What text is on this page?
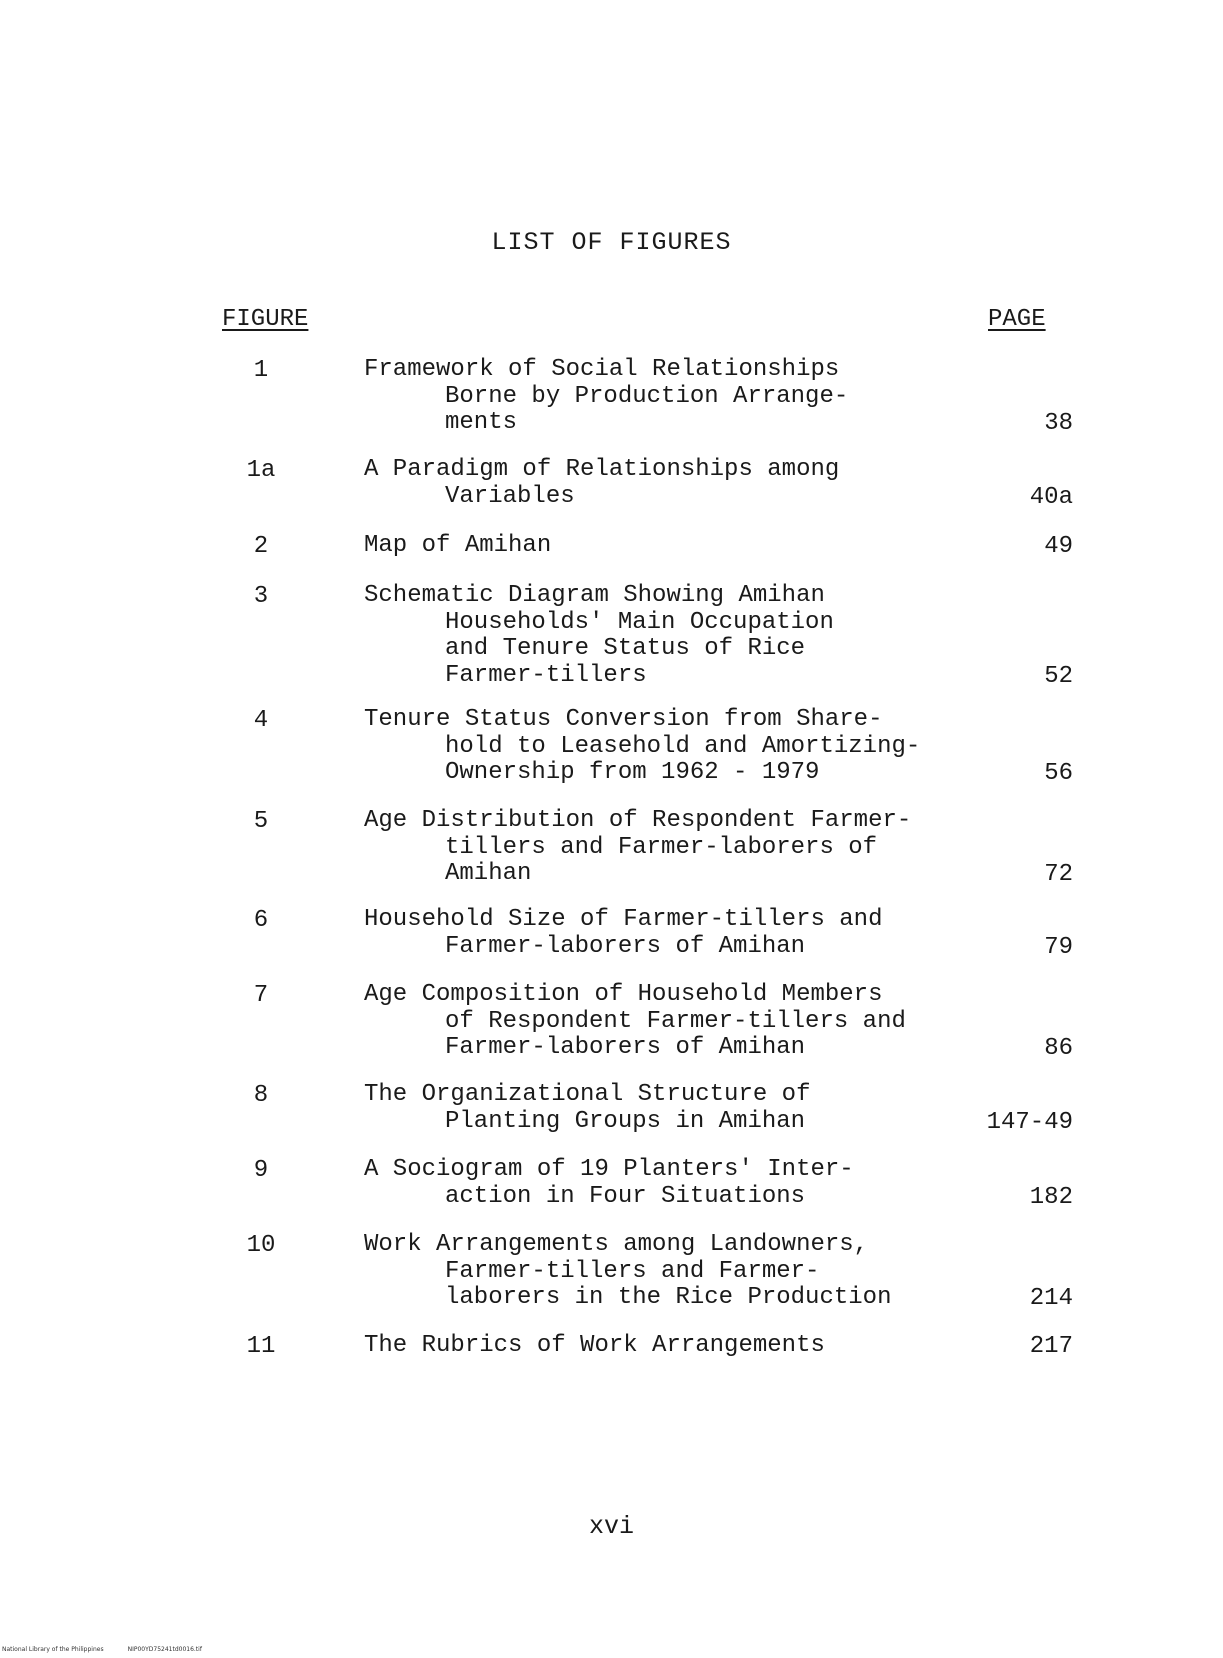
LIST OF FIGURES
FIGURE	PAGE
1	Framework of Social Relationships
Borne by Production Arrange-
ments	38
1a	A Paradigm of Relationships among
Variables	40a
2	Map of Amihan	49
3	Schematic Diagram Showing Amihan
Households' Main Occupation
and Tenure Status of Rice
Farmer-tillers	52
4	Tenure Status Conversion from Share-
hold to Leasehold and Amortizing-
Ownership from 1962 - 1979	56
5	Age Distribution of Respondent Farmer-
tillers and Farmer-laborers of
Amihan	72
6	Household Size of Farmer-tillers and
Farmer-laborers of Amihan	79
7	Age Composition of Household Members
of Respondent Farmer-tillers and
Farmer-laborers of Amihan	86
8	The Organizational Structure of
Planting Groups in Amihan	147-49
9	A Sociogram of 19 Planters' Inter-
action in Four Situations	182
10	Work Arrangements among Landowners,
Farmer-tillers and Farmer-
laborers in the Rice Production	214
11	The Rubrics of Work Arrangements	217
xvi
National Library of the Philippines	NIP00YD75241td0016.tif
